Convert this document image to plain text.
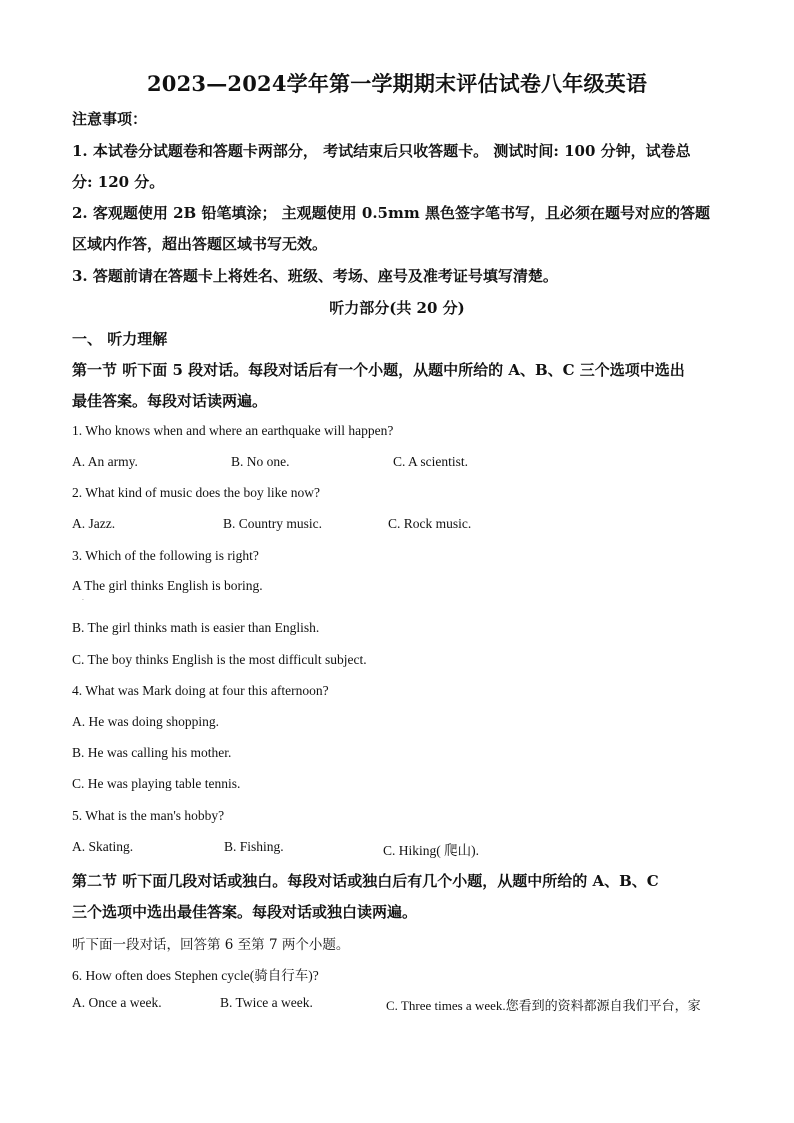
2023—2024学年第一学期期末评估试卷八年级英语
注意事项：
1. 本试卷分试题卷和答题卡两部分， 考试结束后只收答题卡。 测试时间: 100 分钟，试卷总
分: 120 分。
2. 客观题使用 2B 铅笔填涂； 主观题使用 0.5mm 黑色签字笔书写，且必须在题号对应的答题
区域内作答，超出答题区域书写无效。
3. 答题前请在答题卡上将姓名、班级、考场、座号及准考证号填写清楚。
听力部分(共 20 分)
一、 听力理解
第一节 听下面 5 段对话。每段对话后有一个小题，从题中所给的 A、B、C 三个选项中选出
最佳答案。每段对话读两遍。
1. Who knows when and where an earthquake will happen?
A. An army.	B. No one.	C. A scientist.
2. What kind of music does the boy like now?
A. Jazz.	B. Country music.	C. Rock music.
3. Which of the following is right?
A The girl thinks English is boring.
·
B. The girl thinks math is easier than English.
C. The boy thinks English is the most difficult subject.
4. What was Mark doing at four this afternoon?
A. He was doing shopping.
B. He was calling his mother.
C. He was playing table tennis.
5. What is the man's hobby?
A. Skating.	B. Fishing.	C. Hiking( 爬山).
第二节 听下面几段对话或独白。每段对话或独白后有几个小题，从题中所给的 A、B、C
三个选项中选出最佳答案。每段对话或独白读两遍。
听下面一段对话，回答第 6 至第 7 两个小题。
6. How often does Stephen cycle(骑自行车)?
A. Once a week.	B. Twice a week.	C. Three times a week.您看到的资料都源自我们平台，家
